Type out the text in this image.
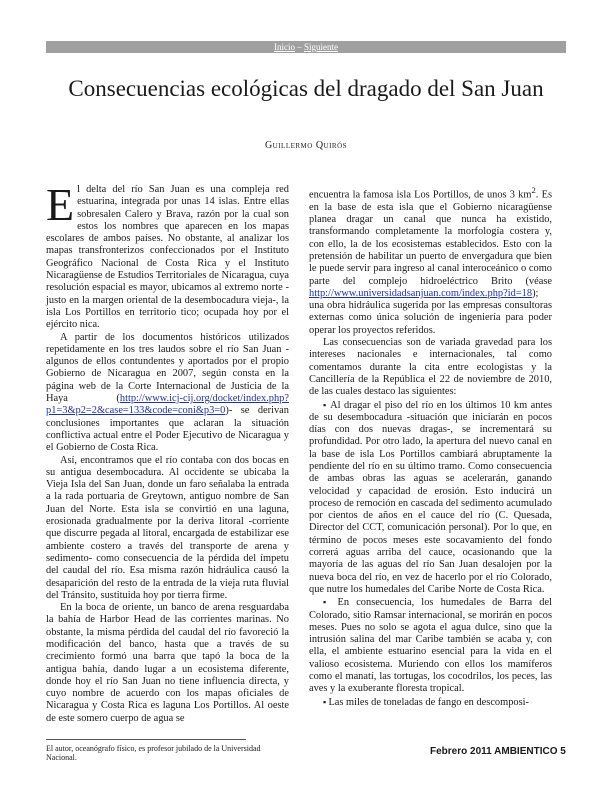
Inicio – Siguiente
Consecuencias ecológicas del dragado del San Juan
Guillermo Quirós

El delta del río San Juan es una compleja red estuarina, integrada por unas 14 islas. Entre ellas sobresalen Calero y Brava, razón por la cual son estos los nombres que aparecen en los mapas escolares de ambos países. No obstante, al analizar los mapas transfronterizos confeccionados por el Instituto Geográfico Nacional de Costa Rica y el Instituto Nicaragüense de Estudios Territoriales de Nicaragua, cuya resolución espacial es mayor, ubicamos al extremo norte -justo en la margen oriental de la desembocadura vieja-, la isla Los Portillos en territorio tico; ocupada hoy por el ejército nica.

A partir de los documentos históricos utilizados repetidamente en los tres laudos sobre el río San Juan -algunos de ellos contundentes y aportados por el propio Gobierno de Nicaragua en 2007, según consta en la página web de la Corte Internacional de Justicia de la Haya (http://www.icj-cij.org/docket/index.php?p1=3&p2=2&case=133&code=coni&p3=0)- se derivan conclusiones importantes que aclaran la situación conflictiva actual entre el Poder Ejecutivo de Nicaragua y el Gobierno de Costa Rica.

Así, encontramos que el río contaba con dos bocas en su antigua desembocadura. Al occidente se ubicaba la Vieja Isla del San Juan, donde un faro señalaba la entrada a la rada portuaria de Greytown, antiguo nombre de San Juan del Norte. Esta isla se convirtió en una laguna, erosionada gradualmente por la deriva litoral -corriente que discurre pegada al litoral, encargada de estabilizar ese ambiente costero a través del transporte de arena y sedimento- como consecuencia de la pérdida del ímpetu del caudal del río. Esa misma razón hidráulica causó la desaparición del resto de la entrada de la vieja ruta fluvial del Tránsito, sustituida hoy por tierra firme.

En la boca de oriente, un banco de arena resguardaba la bahía de Harbor Head de las corrientes marinas. No obstante, la misma pérdida del caudal del río favoreció la modificación del banco, hasta que a través de su crecimiento formó una barra que tapó la boca de la antigua bahía, dando lugar a un ecosistema diferente, donde hoy el río San Juan no tiene influencia directa, y cuyo nombre de acuerdo con los mapas oficiales de Nicaragua y Costa Rica es laguna Los Portillos. Al oeste de este somero cuerpo de agua se

encuentra la famosa isla Los Portillos, de unos 3 $km^2$. Es en la base de esta isla que el Gobierno nicaragüense planea dragar un canal que nunca ha existido, transformando completamente la morfología costera y, con ello, la de los ecosistemas establecidos. Esto con la pretensión de habilitar un puerto de envergadura que bien le puede servir para ingreso al canal interoceánico o como parte del complejo hidroeléctrico Brito (véase http://www.universidadsanjuan.com/index.php?id=18); una obra hidráulica sugerida por las empresas consultoras externas como única solución de ingeniería para poder operar los proyectos referidos.

Las consecuencias son de variada gravedad para los intereses nacionales e internacionales, tal como comentamos durante la cita entre ecologistas y la Cancillería de la República el 22 de noviembre de 2010, de las cuales destaco las siguientes:

▪ Al dragar el piso del río en los últimos 10 km antes de su desembocadura -situación que iniciarán en pocos días con dos nuevas dragas-, se incrementará su profundidad. Por otro lado, la apertura del nuevo canal en la base de isla Los Portillos cambiará abruptamente la pendiente del río en su último tramo. Como consecuencia de ambas obras las aguas se acelerarán, ganando velocidad y capacidad de erosión. Esto inducirá un proceso de remoción en cascada del sedimento acumulado por cientos de años en el cauce del río (C. Quesada, Director del CCT, comunicación personal). Por lo que, en término de pocos meses este socavamiento del fondo correrá aguas arriba del cauce, ocasionando que la mayoría de las aguas del río San Juan desalojen por la nueva boca del río, en vez de hacerlo por el río Colorado, que nutre los humedales del Caribe Norte de Costa Rica.

▪ En consecuencia, los humedales de Barra del Colorado, sitio Ramsar internacional, se morirán en pocos meses. Pues no solo se agota el agua dulce, sino que la intrusión salina del mar Caribe también se acaba y, con ella, el ambiente estuarino esencial para la vida en el valioso ecosistema. Muriendo con ellos los mamíferos como el manatí, las tortugas, los cocodrilos, los peces, las aves y la exuberante floresta tropical.

▪ Las miles de toneladas de fango en descomposi-

El autor, oceanógrafo físico, es profesor jubilado de la Universidad Nacional.
Febrero 2011 AMBIENTICO 5
